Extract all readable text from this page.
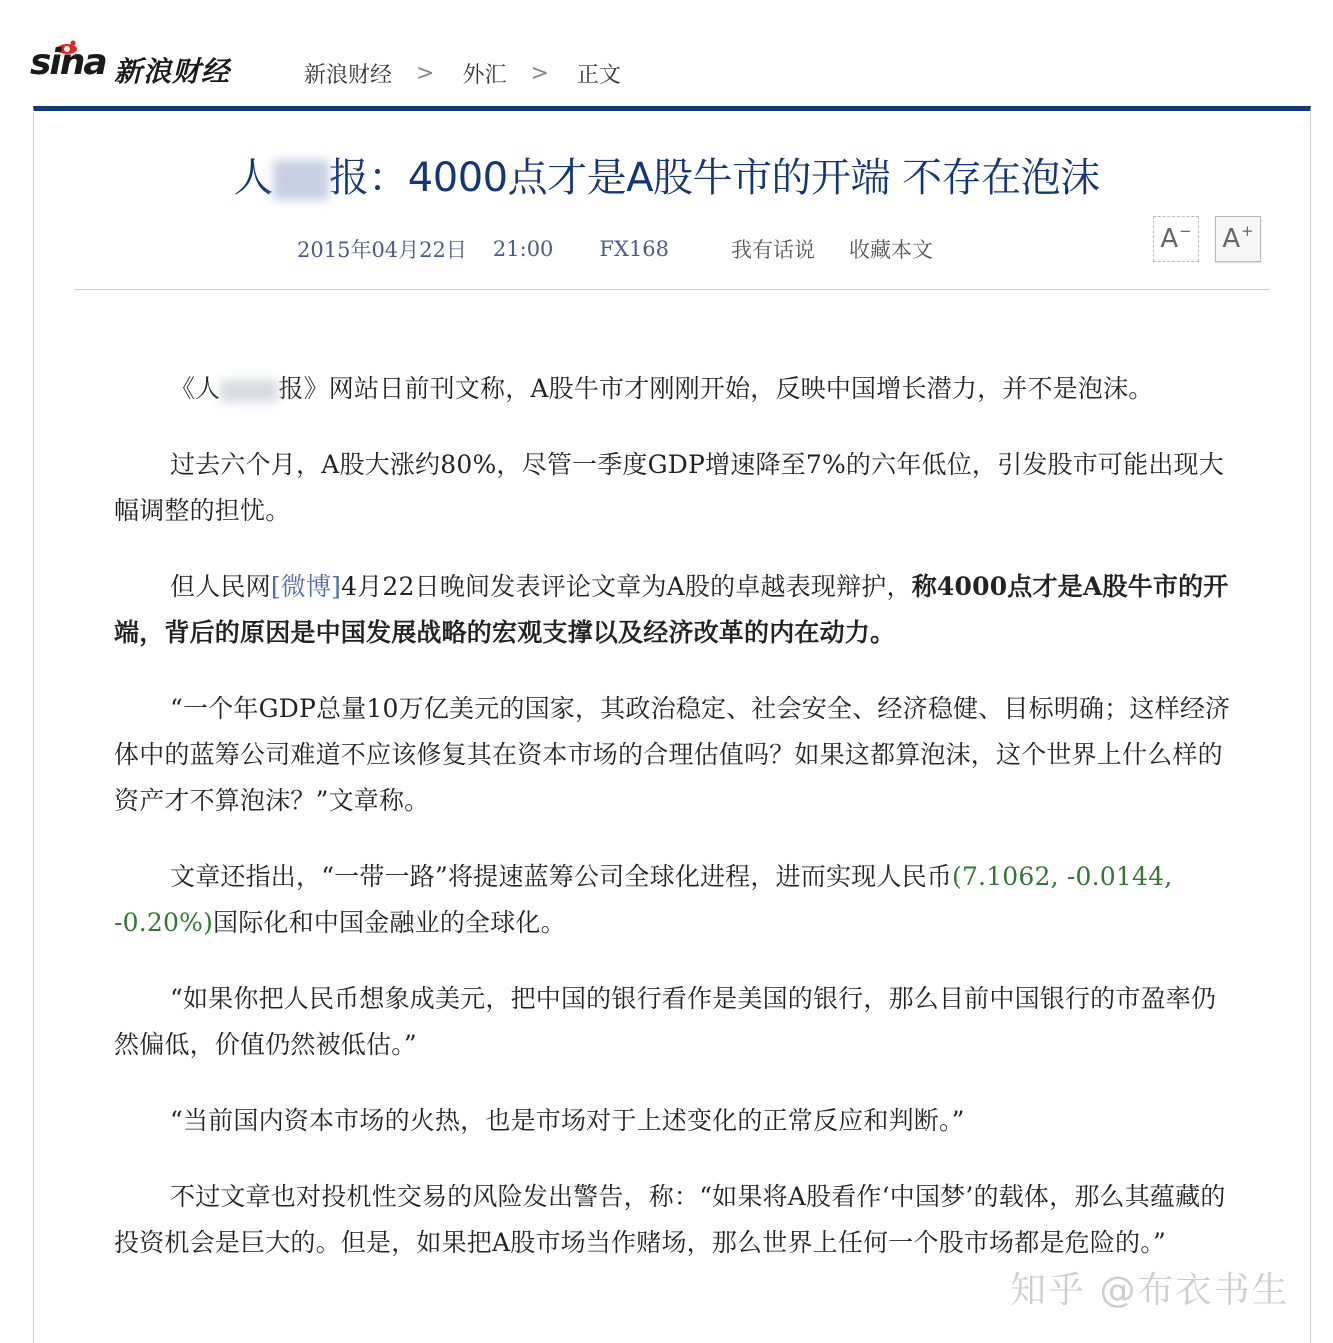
sina 新浪财经	新浪财经 > 外汇 > 正文
人 报：4000点才是A股牛市的开端 不存在泡沫
2015年04月22日 21:00 FX168	我有话说 收藏本文	A− A+

《人 报》网站日前刊文称，A股牛市才刚刚开始，反映中国增长潜力，并不是泡沫。

过去六个月，A股大涨约80%，尽管一季度GDP增速降至7%的六年低位，引发股市可能出现大幅调整的担忧。

但人民网[微博]4月22日晚间发表评论文章为A股的卓越表现辩护，称4000点才是A股牛市的开端，背后的原因是中国发展战略的宏观支撑以及经济改革的内在动力。

“一个年GDP总量10万亿美元的国家，其政治稳定、社会安全、经济稳健、目标明确；这样经济体中的蓝筹公司难道不应该修复其在资本市场的合理估值吗？如果这都算泡沫，这个世界上什么样的资产才不算泡沫？”文章称。

文章还指出，“一带一路”将提速蓝筹公司全球化进程，进而实现人民币(7.1062, -0.0144, -0.20%)国际化和中国金融业的全球化。

“如果你把人民币想象成美元，把中国的银行看作是美国的银行，那么目前中国银行的市盈率仍然偏低，价值仍然被低估。”

“当前国内资本市场的火热，也是市场对于上述变化的正常反应和判断。”

不过文章也对投机性交易的风险发出警告，称：“如果将A股看作‘中国梦’的载体，那么其蕴藏的投资机会是巨大的。但是，如果把A股市场当作赌场，那么世界上任何一个股市场都是危险的。”

知乎 @布衣书生
